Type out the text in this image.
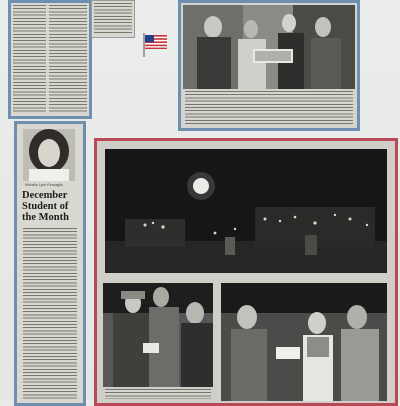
Michelle Lynn Roncaglio
December
Student of
the Month
